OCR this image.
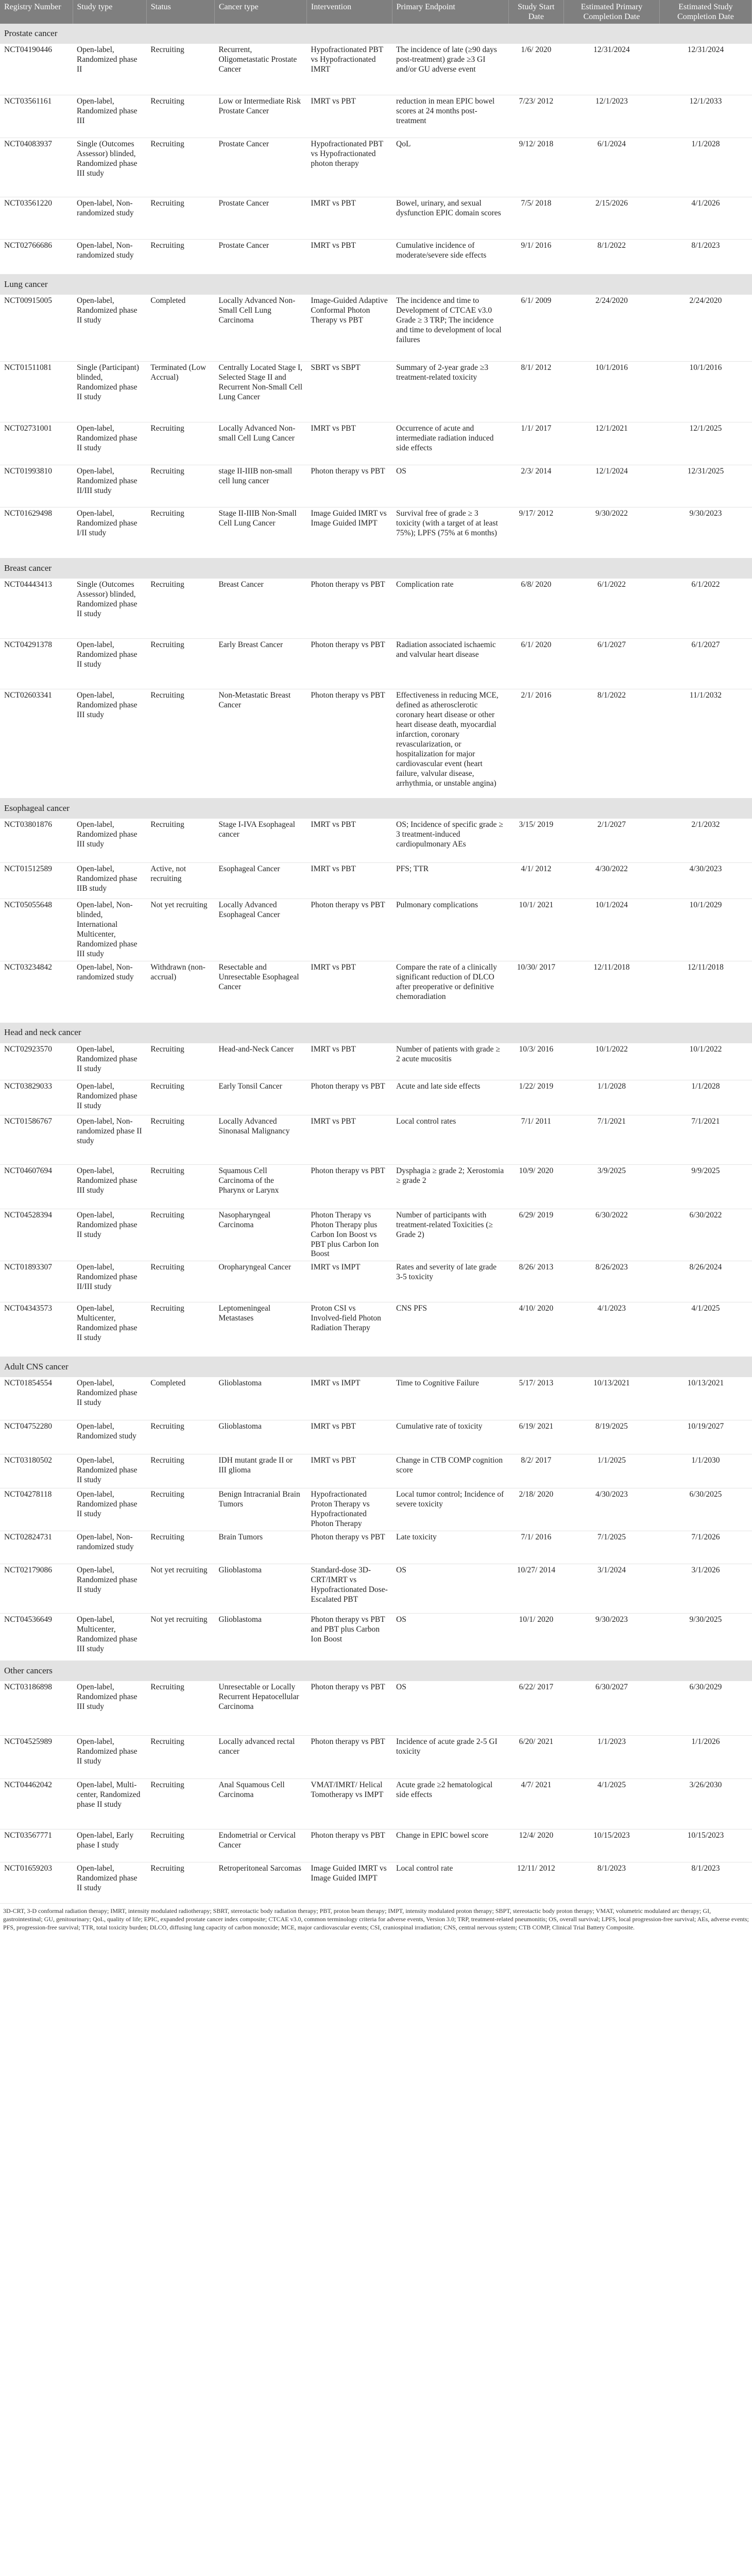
Registry Number	Study type	Status	Cancer type	Intervention	Primary Endpoint	Study Start Date	Estimated Primary Completion Date	Estimated Study Completion Date
Prostate cancer								
NCT04190446	Open-label, Randomized phase II	Recruiting	Recurrent, Oligometastatic Prostate Cancer	Hypofractionated PBT vs Hypofractionated IMRT	The incidence of late (≥90 days post-treatment) grade ≥3 GI and/or GU adverse event	1/6/ 2020	12/31/2024	12/31/2024
NCT03561161	Open-label, Randomized phase III	Recruiting	Low or Intermediate Risk Prostate Cancer	IMRT vs PBT	reduction in mean EPIC bowel scores at 24 months post-treatment	7/23/ 2012	12/1/2023	12/1/2033
NCT04083937	Single (Outcomes Assessor) blinded, Randomized phase III study	Recruiting	Prostate Cancer	Hypofractionated PBT vs Hypofractionated photon therapy	QoL	9/12/ 2018	6/1/2024	1/1/2028
NCT03561220	Open-label, Non-randomized study	Recruiting	Prostate Cancer	IMRT vs PBT	Bowel, urinary, and sexual dysfunction EPIC domain scores	7/5/ 2018	2/15/2026	4/1/2026
NCT02766686	Open-label, Non-randomized study	Recruiting	Prostate Cancer	IMRT vs PBT	Cumulative incidence of moderate/severe side effects	9/1/ 2016	8/1/2022	8/1/2023
Lung cancer								
NCT00915005	Open-label, Randomized phase II study	Completed	Locally Advanced Non-Small Cell Lung Carcinoma	Image-Guided Adaptive Conformal Photon Therapy vs PBT	The incidence and time to Development of CTCAE v3.0 Grade ≥ 3 TRP; The incidence and time to development of local failures	6/1/ 2009	2/24/2020	2/24/2020
NCT01511081	Single (Participant) blinded, Randomized phase II study	Terminated (Low Accrual)	Centrally Located Stage I, Selected Stage II and Recurrent Non-Small Cell Lung Cancer	SBRT vs SBPT	Summary of 2-year grade ≥3 treatment-related toxicity	8/1/ 2012	10/1/2016	10/1/2016
NCT02731001	Open-label, Randomized phase II study	Recruiting	Locally Advanced Non-small Cell Lung Cancer	IMRT vs PBT	Occurrence of acute and intermediate radiation induced side effects	1/1/ 2017	12/1/2021	12/1/2025
NCT01993810	Open-label, Randomized phase II/III study	Recruiting	stage II-IIIB non-small cell lung cancer	Photon therapy vs PBT	OS	2/3/ 2014	12/1/2024	12/31/2025
NCT01629498	Open-label, Randomized phase I/II study	Recruiting	Stage II-IIIB Non-Small Cell Lung Cancer	Image Guided IMRT vs Image Guided IMPT	Survival free of grade ≥ 3 toxicity (with a target of at least 75%); LPFS (75% at 6 months)	9/17/ 2012	9/30/2022	9/30/2023
Breast cancer								
NCT04443413	Single (Outcomes Assessor) blinded, Randomized phase II study	Recruiting	Breast Cancer	Photon therapy vs PBT	Complication rate	6/8/ 2020	6/1/2022	6/1/2022
NCT04291378	Open-label, Randomized phase II study	Recruiting	Early Breast Cancer	Photon therapy vs PBT	Radiation associated ischaemic and valvular heart disease	6/1/ 2020	6/1/2027	6/1/2027
NCT02603341	Open-label, Randomized phase III study	Recruiting	Non-Metastatic Breast Cancer	Photon therapy vs PBT	Effectiveness in reducing MCE, defined as atherosclerotic coronary heart disease or other heart disease death, myocardial infarction, coronary revascularization, or hospitalization for major cardiovascular event (heart failure, valvular disease, arrhythmia, or unstable angina)	2/1/ 2016	8/1/2022	11/1/2032
Esophageal cancer								
NCT03801876	Open-label, Randomized phase III study	Recruiting	Stage I-IVA Esophageal cancer	IMRT vs PBT	OS; Incidence of specific grade ≥ 3 treatment-induced cardiopulmonary AEs	3/15/ 2019	2/1/2027	2/1/2032
NCT01512589	Open-label, Randomized phase IIB study	Active, not recruiting	Esophageal Cancer	IMRT vs PBT	PFS; TTR	4/1/ 2012	4/30/2022	4/30/2023
NCT05055648	Open-label, Non-blinded, International Multicenter, Randomized phase III study	Not yet recruiting	Locally Advanced Esophageal Cancer	Photon therapy vs PBT	Pulmonary complications	10/1/ 2021	10/1/2024	10/1/2029
NCT03234842	Open-label, Non-randomized study	Withdrawn (non-accrual)	Resectable and Unresectable Esophageal Cancer	IMRT vs PBT	Compare the rate of a clinically significant reduction of DLCO after preoperative or definitive chemoradiation	10/30/ 2017	12/11/2018	12/11/2018
Head and neck cancer								
NCT02923570	Open-label, Randomized phase II study	Recruiting	Head-and-Neck Cancer	IMRT vs PBT	Number of patients with grade ≥ 2 acute mucositis	10/3/ 2016	10/1/2022	10/1/2022
NCT03829033	Open-label, Randomized phase II study	Recruiting	Early Tonsil Cancer	Photon therapy vs PBT	Acute and late side effects	1/22/ 2019	1/1/2028	1/1/2028
NCT01586767	Open-label, Non-randomized phase II study	Recruiting	Locally Advanced Sinonasal Malignancy	IMRT vs PBT	Local control rates	7/1/ 2011	7/1/2021	7/1/2021
NCT04607694	Open-label, Randomized phase III study	Recruiting	Squamous Cell Carcinoma of the Pharynx or Larynx	Photon therapy vs PBT	Dysphagia ≥ grade 2; Xerostomia ≥ grade 2	10/9/ 2020	3/9/2025	9/9/2025
NCT04528394	Open-label, Randomized phase II study	Recruiting	Nasopharyngeal Carcinoma	Photon Therapy vs Photon Therapy plus Carbon Ion Boost vs PBT plus Carbon Ion Boost	Number of participants with treatment-related Toxicities (≥ Grade 2)	6/29/ 2019	6/30/2022	6/30/2022
NCT01893307	Open-label, Randomized phase II/III study	Recruiting	Oropharyngeal Cancer	IMRT vs IMPT	Rates and severity of late grade 3-5 toxicity	8/26/ 2013	8/26/2023	8/26/2024
NCT04343573	Open-label, Multicenter, Randomized phase II study	Recruiting	Leptomeningeal Metastases	Proton CSI vs Involved-field Photon Radiation Therapy	CNS PFS	4/10/ 2020	4/1/2023	4/1/2025
Adult CNS cancer								
NCT01854554	Open-label, Randomized phase II study	Completed	Glioblastoma	IMRT vs IMPT	Time to Cognitive Failure	5/17/ 2013	10/13/2021	10/13/2021
NCT04752280	Open-label, Randomized study	Recruiting	Glioblastoma	IMRT vs PBT	Cumulative rate of toxicity	6/19/ 2021	8/19/2025	10/19/2027
NCT03180502	Open-label, Randomized phase II study	Recruiting	IDH mutant grade II or III glioma	IMRT vs PBT	Change in CTB COMP cognition score	8/2/ 2017	1/1/2025	1/1/2030
NCT04278118	Open-label, Randomized phase II study	Recruiting	Benign Intracranial Brain Tumors	Hypofractionated Proton Therapy vs Hypofractionated Photon Therapy	Local tumor control; Incidence of severe toxicity	2/18/ 2020	4/30/2023	6/30/2025
NCT02824731	Open-label, Non-randomized study	Recruiting	Brain Tumors	Photon therapy vs PBT	Late toxicity	7/1/ 2016	7/1/2025	7/1/2026
NCT02179086	Open-label, Randomized phase II study	Not yet recruiting	Glioblastoma	Standard-dose 3D-CRT/IMRT vs Hypofractionated Dose-Escalated PBT	OS	10/27/ 2014	3/1/2024	3/1/2026
NCT04536649	Open-label, Multicenter, Randomized phase III study	Not yet recruiting	Glioblastoma	Photon therapy vs PBT and PBT plus Carbon Ion Boost	OS	10/1/ 2020	9/30/2023	9/30/2025
Other cancers								
NCT03186898	Open-label, Randomized phase III study	Recruiting	Unresectable or Locally Recurrent Hepatocellular Carcinoma	Photon therapy vs PBT	OS	6/22/ 2017	6/30/2027	6/30/2029
NCT04525989	Open-label, Randomized phase II study	Recruiting	Locally advanced rectal cancer	Photon therapy vs PBT	Incidence of acute grade 2-5 GI toxicity	6/20/ 2021	1/1/2023	1/1/2026
NCT04462042	Open-label, Multi-center, Randomized phase II study	Recruiting	Anal Squamous Cell Carcinoma	VMAT/IMRT/ Helical Tomotherapy vs IMPT	Acute grade ≥2 hematological side effects	4/7/ 2021	4/1/2025	3/26/2030
NCT03567771	Open-label, Early phase I study	Recruiting	Endometrial or Cervical Cancer	Photon therapy vs PBT	Change in EPIC bowel score	12/4/ 2020	10/15/2023	10/15/2023
NCT01659203	Open-label, Randomized phase II study	Recruiting	Retroperitoneal Sarcomas	Image Guided IMRT vs Image Guided IMPT	Local control rate	12/11/ 2012	8/1/2023	8/1/2023
3D-CRT, 3-D conformal radiation therapy; IMRT, intensity modulated radiotherapy; SBRT, stereotactic body radiation therapy; PBT, proton beam therapy; IMPT, intensity modulated proton therapy; SBPT, stereotactic body proton therapy; VMAT, volumetric modulated arc therapy; GI, gastrointestinal; GU, genitourinary; QoL, quality of life; EPIC, expanded prostate cancer index composite; CTCAE v3.0, common terminology criteria for adverse events, Version 3.0; TRP, treatment-related pneumonitis; OS, overall survival; LPFS, local progression-free survival; AEs, adverse events; PFS, progression-free survival; TTR, total toxicity burden; DLCO, diffusing lung capacity of carbon monoxide; MCE, major cardiovascular events; CSI, craniospinal irradiation; CNS, central nervous system; CTB COMP, Clinical Trial Battery Composite.
